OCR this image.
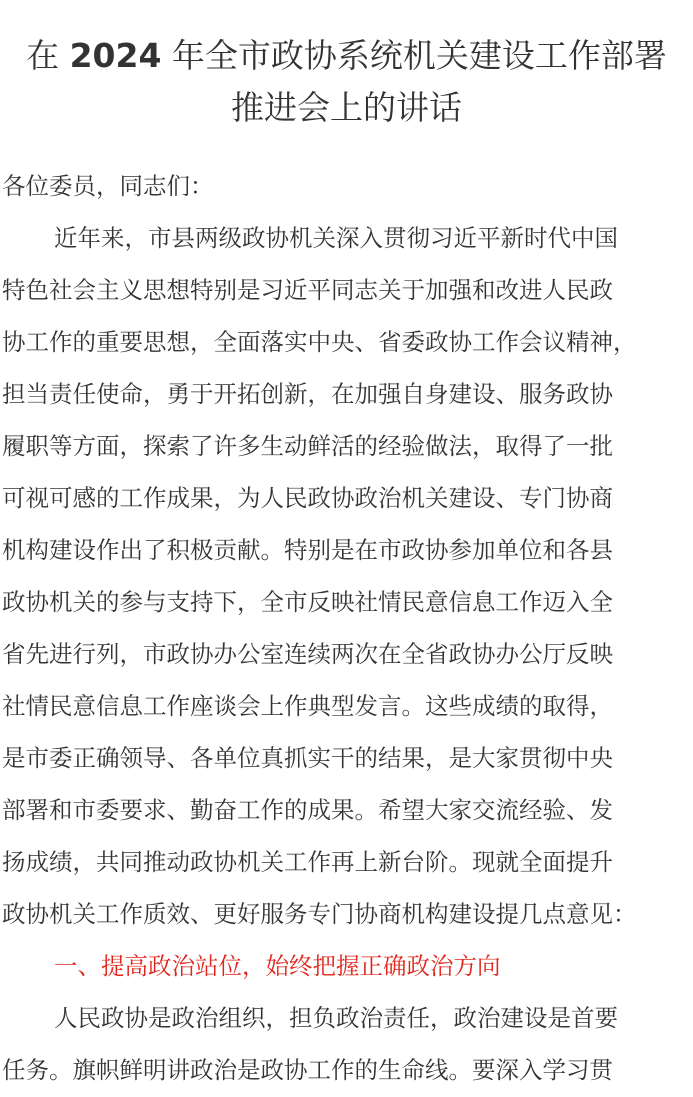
在 2024 年全市政协系统机关建设工作部署
推进会上的讲话

各位委员，同志们：

近年来，市县两级政协机关深入贯彻习近平新时代中国
特色社会主义思想特别是习近平同志关于加强和改进人民政
协工作的重要思想，全面落实中央、省委政协工作会议精神，
担当责任使命，勇于开拓创新，在加强自身建设、服务政协
履职等方面，探索了许多生动鲜活的经验做法，取得了一批
可视可感的工作成果，为人民政协政治机关建设、专门协商
机构建设作出了积极贡献。特别是在市政协参加单位和各县
政协机关的参与支持下，全市反映社情民意信息工作迈入全
省先进行列，市政协办公室连续两次在全省政协办公厅反映
社情民意信息工作座谈会上作典型发言。这些成绩的取得，
是市委正确领导、各单位真抓实干的结果，是大家贯彻中央
部署和市委要求、勤奋工作的成果。希望大家交流经验、发
扬成绩，共同推动政协机关工作再上新台阶。现就全面提升
政协机关工作质效、更好服务专门协商机构建设提几点意见：

一、提高政治站位，始终把握正确政治方向

人民政协是政治组织，担负政治责任，政治建设是首要
任务。旗帜鲜明讲政治是政协工作的生命线。要深入学习贯
